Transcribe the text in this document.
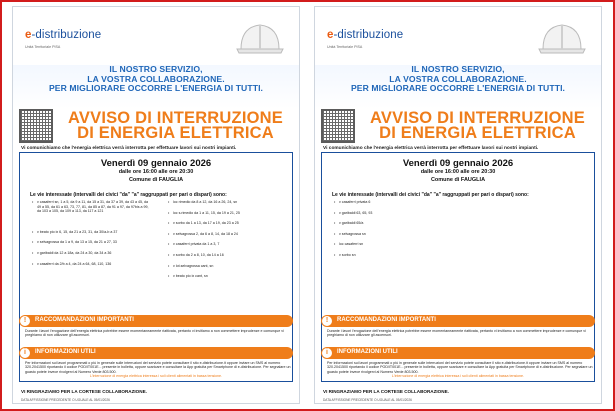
e-distribuzione
Unità Territoriale PISA
IL NOSTRO SERVIZIO,
LA VOSTRA COLLABORAZIONE.
PER MIGLIORARE OCCORRE L'ENERGIA DI TUTTI.
AVVISO DI INTERRUZIONE
DI ENERGIA ELETTRICA
Vi comunichiamo che l'energia elettrica verrà interrotta per effettuare lavori sui nostri impianti.
Venerdì 09 gennaio 2026
dalle ore 16:00 alle ore 20:30
Comune di FAUGLIA
Le vie interessate (intervalli dei civici "da" "a" raggruppati per pari o dispari) sono:
• v casaferri sn, 1 a 5, da 9 a 11, da 15 a 31, da 37 a 39, da 43 a 45, da 49 a 55, da 61 a 63, 73, 77, 81, da 85 a 87, da 91 a 97, da 97bis a 99, da 103 a 105, da 109 a 113, da 117 a 121
• v beato pio ix 6, 15, da 21 a 23, 31, da 30/a-b a 37
• v selvagrossa da 1 a 9, da 13 a 15, da 21 a 27, 33
• v garibaldi da 12 a 18a, da 24 a 30, da 34 a 36
• v casaferri da 2/b a 4, da 24 a 64, 68, 110, 136
• loc rimedio da 8 a 12, da 16 a 26, 24, sn
• loc s.rimedio da 1 a 11, 15, da 19 a 21, 25
• v sorbo da 1 a 13, da 17 a 19, da 23 a 25
• v selvagrossa 2, da 6 a 8, 14, da 18 a 24
• v casaferri privata da 1 a 3, 7
• v sorbo da 2 a 8, 10, da 14 a 16
• v lot.selvagrossa cant, sn
• v beato pio ix cant, sn
L'interruzione di energia elettrica interessa i soli clienti alimentati in bassa tensione.
!	RACCOMANDAZIONI IMPORTANTI
Durante i lavori l'erogazione dell'energia elettrica potrebbe essere momentaneamente riattivata, pertanto vi invitiamo a non commettere imprudenze e comunque vi preghiamo di non utilizzare gli ascensori.
i	INFORMAZIONI UTILI
Per informazioni sui lavori programmati o più in generale sulle interruzioni del servizio potete consultare il sito e-distribuzione.it oppure inviare un SMS al numero 320.2041500 riportando il codice POD/IT001E... presente in bolletta, oppure scaricare e consultare la App gratuita per Smartphone di e-distribuzione. Per segnalare un guasto potete invece rivolgervi al Numero Verde 803.500.
VI RINGRAZIAMO PER LA CORTESE COLLABORAZIONE.
DATA AFFISSIONE PRECEDENTE O UGUALE AL 05/01/2026
e-distribuzione
Unità Territoriale PISA
IL NOSTRO SERVIZIO,
LA VOSTRA COLLABORAZIONE.
PER MIGLIORARE OCCORRE L'ENERGIA DI TUTTI.
AVVISO DI INTERRUZIONE
DI ENERGIA ELETTRICA
Vi comunichiamo che l'energia elettrica verrà interrotta per effettuare lavori sui nostri impianti.
Venerdì 09 gennaio 2026
dalle ore 16:00 alle ore 20:30
Comune di FAUGLIA
Le vie interessate (intervalli dei civici "da" "a" raggruppati per pari o dispari) sono:
• v casaferri privata 6
• v garibaldi 63, 65, 93
• v garibaldi 65/a
• v selvagrossa sn
• loc casaferri sn
• v sorbo sn
L'interruzione di energia elettrica interessa i soli clienti alimentati in bassa tensione.
!	RACCOMANDAZIONI IMPORTANTI
Durante i lavori l'erogazione dell'energia elettrica potrebbe essere momentaneamente riattivata, pertanto vi invitiamo a non commettere imprudenze e comunque vi preghiamo di non utilizzare gli ascensori.
i	INFORMAZIONI UTILI
Per informazioni sui lavori programmati o più in generale sulle interruzioni del servizio potete consultare il sito e-distribuzione.it oppure inviare un SMS al numero 320.2041500 riportando il codice POD/IT001E... presente in bolletta, oppure scaricare e consultare la App gratuita per Smartphone di e-distribuzione. Per segnalare un guasto potete invece rivolgervi al Numero Verde 803.500.
VI RINGRAZIAMO PER LA CORTESE COLLABORAZIONE.
DATA AFFISSIONE PRECEDENTE O UGUALE AL 05/01/2026
